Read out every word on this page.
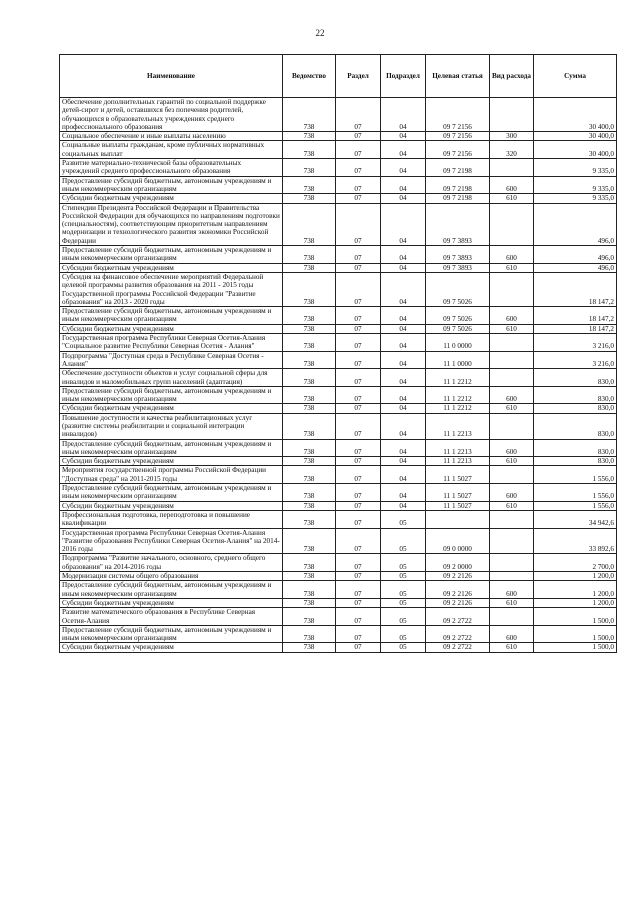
22
Наименование	Ведомство	Раздел	Подраздел	Целевая статья	Вид расхода	Сумма
Обеспечение дополнительных гарантий по социальной поддержке детей-сирот и детей, оставшихся без попечения родителей, обучающихся в образовательных учреждениях среднего профессионального образования	738	07	04	09 7 2156		30 400,0
Социальное обеспечение и иные выплаты населению	738	07	04	09 7 2156	300	30 400,0
Социальные выплаты гражданам, кроме публичных нормативных социальных выплат	738	07	04	09 7 2156	320	30 400,0
Развитие материально-технической базы образовательных учреждений среднего профессионального образования	738	07	04	09 7 2198		9 335,0
Предоставление субсидий бюджетным, автономным учреждениям и иным некоммерческим организациям	738	07	04	09 7 2198	600	9 335,0
Субсидии бюджетным учреждениям	738	07	04	09 7 2198	610	9 335,0
Стипендии Президента Российской Федерации и Правительства Российской Федерации для обучающихся по направлениям подготовки (специальностям), соответствующим приоритетным направлениям модернизации и технологического развития экономики Российской Федерации	738	07	04	09 7 3893		496,0
Предоставление субсидий бюджетным, автономным учреждениям и иным некоммерческим организациям	738	07	04	09 7 3893	600	496,0
Субсидии бюджетным учреждениям	738	07	04	09 7 3893	610	496,0
Субсидия на финансовое обеспечение мероприятий Федеральной целевой программы развития образования на 2011 - 2015 годы Государственной программы Российской Федерации "Развитие образования" на 2013 - 2020 годы	738	07	04	09 7 5026		18 147,2
Предоставление субсидий бюджетным, автономным учреждениям и иным некоммерческим организациям	738	07	04	09 7 5026	600	18 147,2
Субсидии бюджетным учреждениям	738	07	04	09 7 5026	610	18 147,2
Государственная программа Республики Северная Осетия-Алания "Социальное развитие Республики Северная Осетия - Алания"	738	07	04	11 0 0000		3 216,0
Подпрограмма "Доступная среда в Республике Северная Осетия - Алания"	738	07	04	11 1 0000		3 216,0
Обеспечение доступности объектов и услуг социальной сферы для инвалидов и маломобильных групп населений (адаптация)	738	07	04	11 1 2212		830,0
Предоставление субсидий бюджетным, автономным учреждениям и иным некоммерческим организациям	738	07	04	11 1 2212	600	830,0
Субсидии бюджетным учреждениям	738	07	04	11 1 2212	610	830,0
Повышение доступности и качества реабилитационных услуг (развитие системы реабилитации и социальной интеграции инвалидов)	738	07	04	11 1 2213		830,0
Предоставление субсидий бюджетным, автономным учреждениям и иным некоммерческим организациям	738	07	04	11 1 2213	600	830,0
Субсидии бюджетным учреждениям	738	07	04	11 1 2213	610	830,0
Мероприятия государственной программы Российской Федерации "Доступная среда" на 2011-2015 годы	738	07	04	11 1 5027		1 556,0
Предоставление субсидий бюджетным, автономным учреждениям и иным некоммерческим организациям	738	07	04	11 1 5027	600	1 556,0
Субсидии бюджетным учреждениям	738	07	04	11 1 5027	610	1 556,0
Профессиональная подготовка, переподготовка и повышение квалификации	738	07	05			34 942,6
Государственная программа Республики Северная Осетия-Алания "Развитие образования Республики Северная Осетия-Алания" на 2014-2016 годы	738	07	05	09 0 0000		33 892,6
Подпрограмма "Развитие начального, основного, среднего общего образования" на 2014-2016 годы	738	07	05	09 2 0000		2 700,0
Модернизация системы общего образования	738	07	05	09 2 2126		1 200,0
Предоставление субсидий бюджетным, автономным учреждениям и иным некоммерческим организациям	738	07	05	09 2 2126	600	1 200,0
Субсидии бюджетным учреждениям	738	07	05	09 2 2126	610	1 200,0
Развитие математического образования в Республике Северная Осетия-Алания	738	07	05	09 2 2722		1 500,0
Предоставление субсидий бюджетным, автономным учреждениям и иным некоммерческим организациям	738	07	05	09 2 2722	600	1 500,0
Субсидии бюджетным учреждениям	738	07	05	09 2 2722	610	1 500,0
